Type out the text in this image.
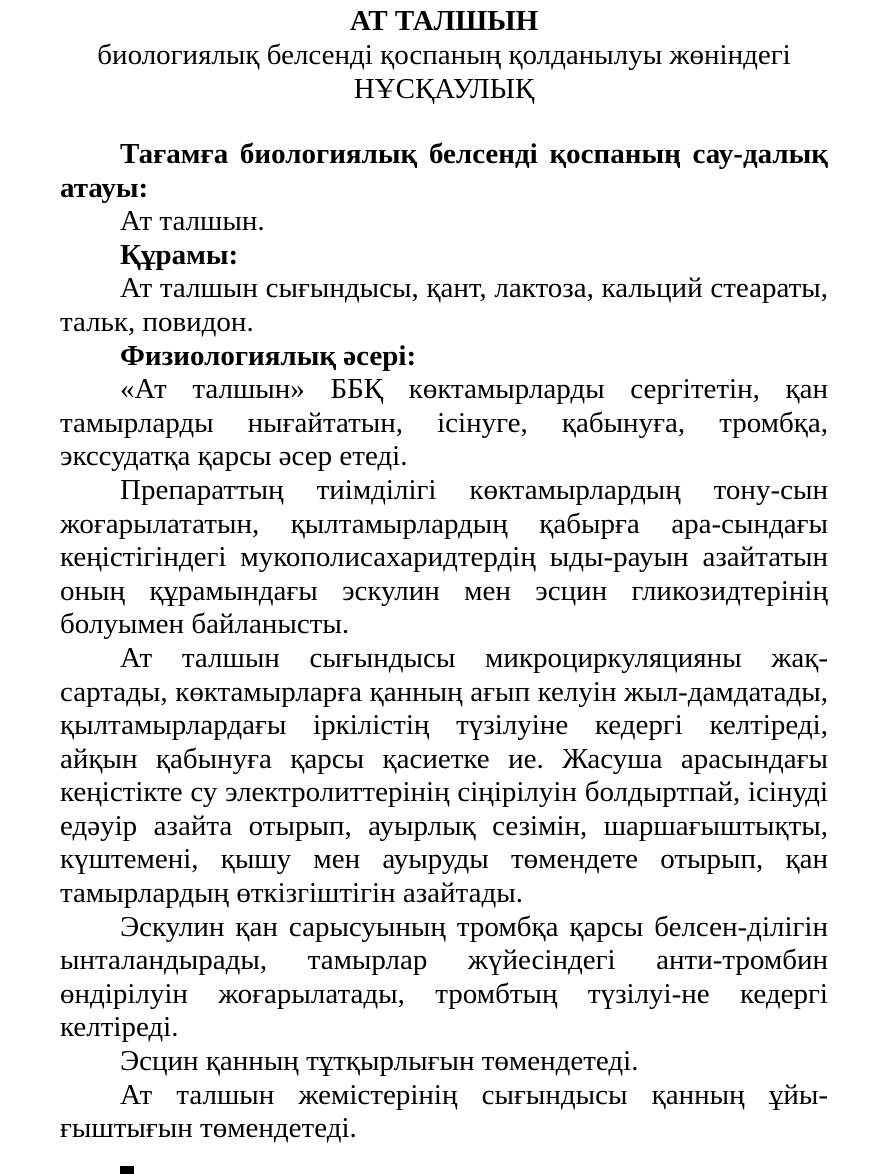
АТ ТАЛШЫН
биологиялық белсенді қоспаның қолданылуы жөніндегі
НҰСҚАУЛЫҚ

Тағамға биологиялық белсенді қоспаның сау-далық атауы:

Ат талшын.

Құрамы:

Ат талшын сығындысы, қант, лактоза, кальций стеараты, тальк, повидон.

Физиологиялық әсері:

«Ат талшын» ББҚ көктамырларды сергітетін, қан тамырларды нығайтатын, ісінуге, қабынуға, тромбқа, экссудатқа қарсы әсер етеді.

Препараттың тиімділігі көктамырлардың тону-сын жоғарылататын, қылтамырлардың қабырға ара-сындағы кеңістігіндегі мукополисахаридтердің ыды-рауын азайтатын оның құрамындағы эскулин мен эсцин гликозидтерінің болуымен байланысты.

Ат талшын сығындысы микроциркуляцияны жақ-сартады, көктамырларға қанның ағып келуін жыл-дамдатады, қылтамырлардағы іркілістің түзілуіне кедергі келтіреді, айқын қабынуға қарсы қасиетке ие. Жасуша арасындағы кеңістікте су электролиттерінің сіңірілуін болдыртпай, ісінуді едәуір азайта отырып, ауырлық сезімін, шаршағыштықты, күштемені, қышу мен ауыруды төмендете отырып, қан тамырлардың өткізгіштігін азайтады.

Эскулин қан сарысуының тромбқа қарсы белсен-ділігін ынталандырады, тамырлар жүйесіндегі анти-тромбин өндірілуін жоғарылатады, тромбтың түзілуі-не кедергі келтіреді.

Эсцин қанның тұтқырлығын төмендетеді.

Ат талшын жемістерінің сығындысы қанның ұйы-ғыштығын төмендетеді.
